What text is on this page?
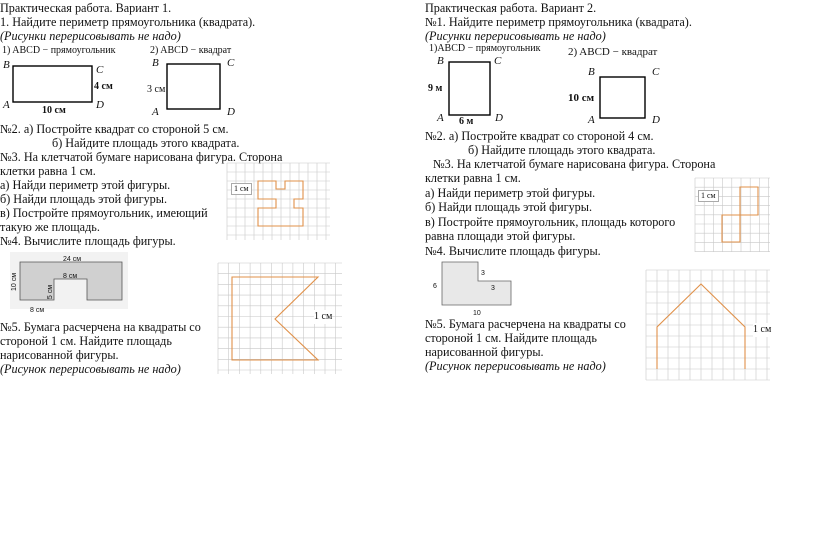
Практическая работа. Вариант 1.
1. Найдите периметр прямоугольника (квадрата).
(Рисунки перерисовывать не надо)
1) ABCD − прямоугольник	2) ABCD − квадрат
B	C
A	D
4 см
10 см
B	C
A	D
3 см
№2. а) Постройте квадрат со стороной 5 см.
б) Найдите площадь этого квадрата.
№3. На клетчатой бумаге нарисована фигура. Сторона
клетки равна 1 см.
а) Найди периметр этой фигуры.
б) Найди площадь этой фигуры.
в) Постройте прямоугольник, имеющий
такую же площадь.
№4. Вычислите площадь фигуры.
1 см
24 см
10 см	8 см
5 см
8 см
1 см
№5. Бумага расчерчена на квадраты со
стороной 1 см. Найдите площадь
нарисованной фигуры.
(Рисунок перерисовывать не надо)
Практическая работа. Вариант 2.
№1. Найдите периметр прямоугольника (квадрата).
(Рисунки перерисовывать не надо)
1)ABCD − прямоугольник	2) ABCD − квадрат
B	C
A	D
9 м
6 м
B	C
A	D
10 см
№2. а) Постройте квадрат со стороной 4 см.
б) Найдите площадь этого квадрата.
№3. На клетчатой бумаге нарисована фигура. Сторона
клетки равна 1 см.
а) Найди периметр этой фигуры.
б) Найди площадь этой фигуры.
в) Постройте прямоугольник, площадь которого
равна площади этой фигуры.
№4. Вычислите площадь фигуры.
1 см
6
3
3
10
1 см
№5. Бумага расчерчена на квадраты со
стороной 1 см. Найдите площадь
нарисованной фигуры.
(Рисунок перерисовывать не надо)
